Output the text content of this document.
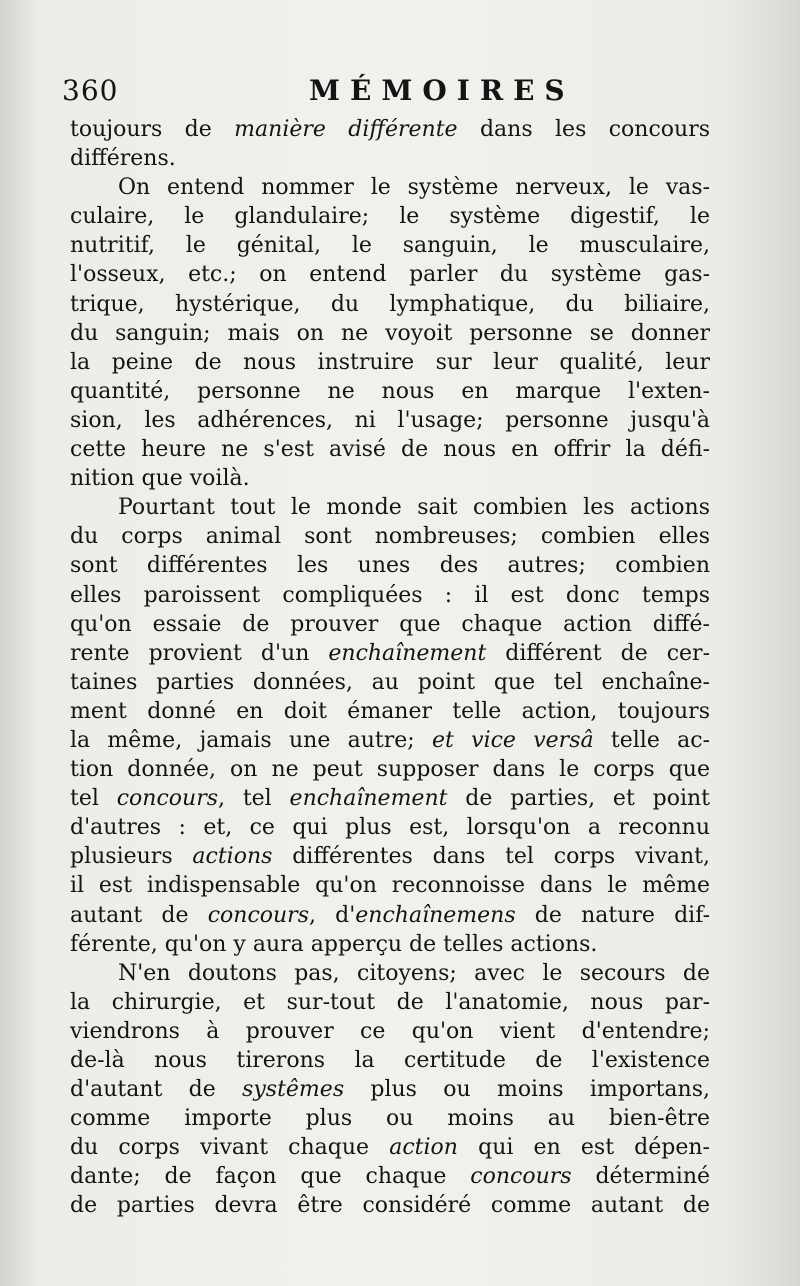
360	MÉMOIRES
toujours de manière différente dans les concours
différens.
On entend nommer le système nerveux, le vas-
culaire, le glandulaire; le système digestif, le
nutritif, le génital, le sanguin, le musculaire,
l'osseux, etc.; on entend parler du système gas-
trique, hystérique, du lymphatique, du biliaire,
du sanguin; mais on ne voyoit personne se donner
la peine de nous instruire sur leur qualité, leur
quantité, personne ne nous en marque l'exten-
sion, les adhérences, ni l'usage; personne jusqu'à
cette heure ne s'est avisé de nous en offrir la défi-
nition que voilà.
Pourtant tout le monde sait combien les actions
du corps animal sont nombreuses; combien elles
sont différentes les unes des autres; combien
elles paroissent compliquées : il est donc temps
qu'on essaie de prouver que chaque action diffé-
rente provient d'un enchaînement différent de cer-
taines parties données, au point que tel enchaîne-
ment donné en doit émaner telle action, toujours
la même, jamais une autre; et vice versâ telle ac-
tion donnée, on ne peut supposer dans le corps que
tel concours, tel enchaînement de parties, et point
d'autres : et, ce qui plus est, lorsqu'on a reconnu
plusieurs actions différentes dans tel corps vivant,
il est indispensable qu'on reconnoisse dans le même
autant de concours, d'enchaînemens de nature dif-
férente, qu'on y aura apperçu de telles actions.
N'en doutons pas, citoyens; avec le secours de
la chirurgie, et sur-tout de l'anatomie, nous par-
viendrons à prouver ce qu'on vient d'entendre;
de-là nous tirerons la certitude de l'existence
d'autant de systêmes plus ou moins importans,
comme importe plus ou moins au bien-être
du corps vivant chaque action qui en est dépen-
dante; de façon que chaque concours déterminé
de parties devra être considéré comme autant de
